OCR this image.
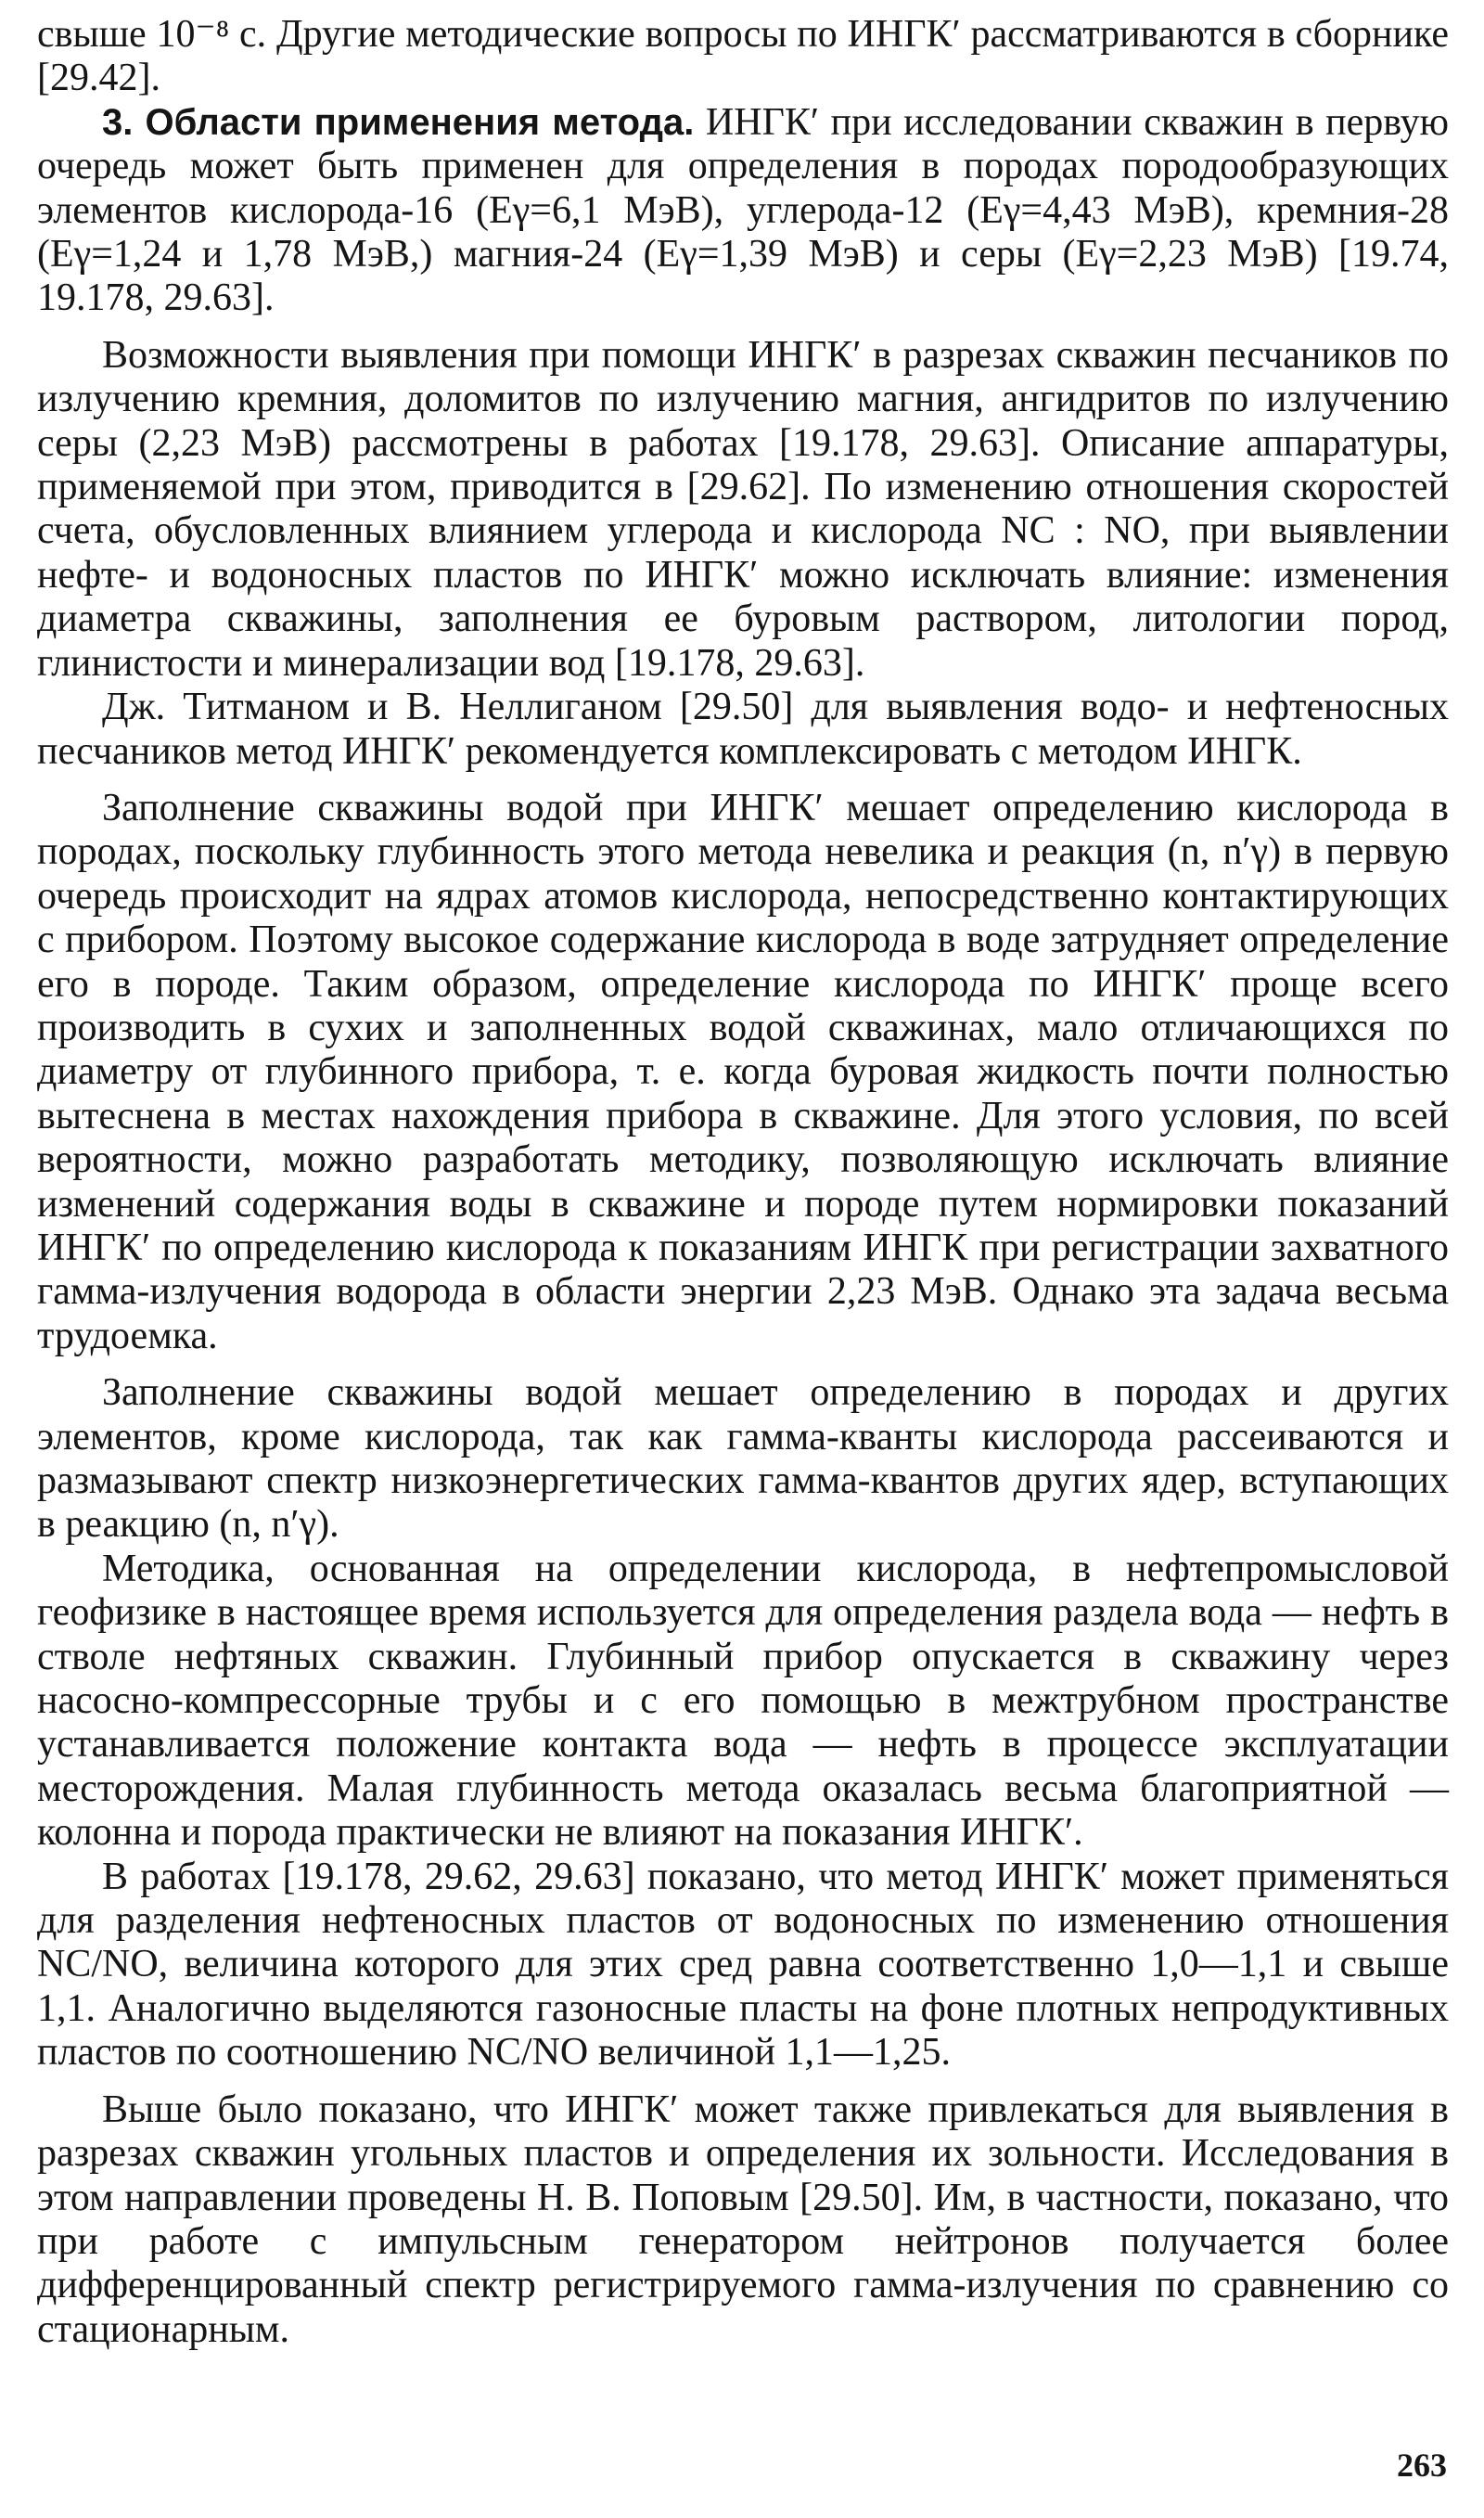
свыше 10⁻⁸ с. Другие методические вопросы по ИНГК′ рассматриваются в сборнике [29.42].

3. Области применения метода. ИНГК′ при исследовании скважин в первую очередь может быть применен для определения в породах породообразующих элементов кислорода-16 (Eγ=6,1 МэВ), углерода-12 (Eγ=4,43 МэВ), кремния-28 (Eγ=1,24 и 1,78 МэВ,) магния-24 (Eγ=1,39 МэВ) и серы (Eγ=2,23 МэВ) [19.74, 19.178, 29.63].

Возможности выявления при помощи ИНГК′ в разрезах скважин песчаников по излучению кремния, доломитов по излучению магния, ангидритов по излучению серы (2,23 МэВ) рассмотрены в работах [19.178, 29.63]. Описание аппаратуры, применяемой при этом, приводится в [29.62]. По изменению отношения скоростей счета, обусловленных влиянием углерода и кислорода NC : NO, при выявлении нефте- и водоносных пластов по ИНГК′ можно исключать влияние: изменения диаметра скважины, заполнения ее буровым раствором, литологии пород, глинистости и минерализации вод [19.178, 29.63].

Дж. Титманом и В. Неллиганом [29.50] для выявления водо- и нефтеносных песчаников метод ИНГК′ рекомендуется комплексировать с методом ИНГК.

Заполнение скважины водой при ИНГК′ мешает определению кислорода в породах, поскольку глубинность этого метода невелика и реакция (n, n′γ) в первую очередь происходит на ядрах атомов кислорода, непосредственно контактирующих с прибором. Поэтому высокое содержание кислорода в воде затрудняет определение его в породе. Таким образом, определение кислорода по ИНГК′ проще всего производить в сухих и заполненных водой скважинах, мало отличающихся по диаметру от глубинного прибора, т. е. когда буровая жидкость почти полностью вытеснена в местах нахождения прибора в скважине. Для этого условия, по всей вероятности, можно разработать методику, позволяющую исключать влияние изменений содержания воды в скважине и породе путем нормировки показаний ИНГК′ по определению кислорода к показаниям ИНГК при регистрации захватного гамма-излучения водорода в области энергии 2,23 МэВ. Однако эта задача весьма трудоемка.

Заполнение скважины водой мешает определению в породах и другиx элементов, кроме кислорода, так как гамма-кванты кислорода рассеиваются и размазывают спектр низкоэнергетических гамма-квантов других ядер, вступающих в реакцию (n, n′γ).

Методика, основанная на определении кислорода, в нефтепромысловой геофизике в настоящее время используется для определения раздела вода — нефть в стволе нефтяных скважин. Глубинный прибор опускается в скважину через насосно-компрессорные трубы и с его помощью в межтрубном пространстве устанавливается положение контакта вода — нефть в процессе эксплуатации месторождения. Малая глубинность метода оказалась весьма благоприятной — колонна и порода практически не влияют на показания ИНГК′.

В работах [19.178, 29.62, 29.63] показано, что метод ИНГК′ может применяться для разделения нефтеносных пластов от водоносных по изменению отношения NC/NO, величина которого для этих сред равна соответственно 1,0—1,1 и свыше 1,1. Аналогично выделяются газоносные пласты на фоне плотных непродуктивных пластов по соотношению NC/NO величиной 1,1—1,25.

Выше было показано, что ИНГК′ может также привлекаться для выявления в разрезах скважин угольных пластов и определения их зольности. Исследования в этом направлении проведены Н. В. Поповым [29.50]. Им, в частности, показано, что при работе с импульсным генератором нейтронов получается более дифференцированный спектр регистрируемого гамма-излучения по сравнению со стационарным.

263
